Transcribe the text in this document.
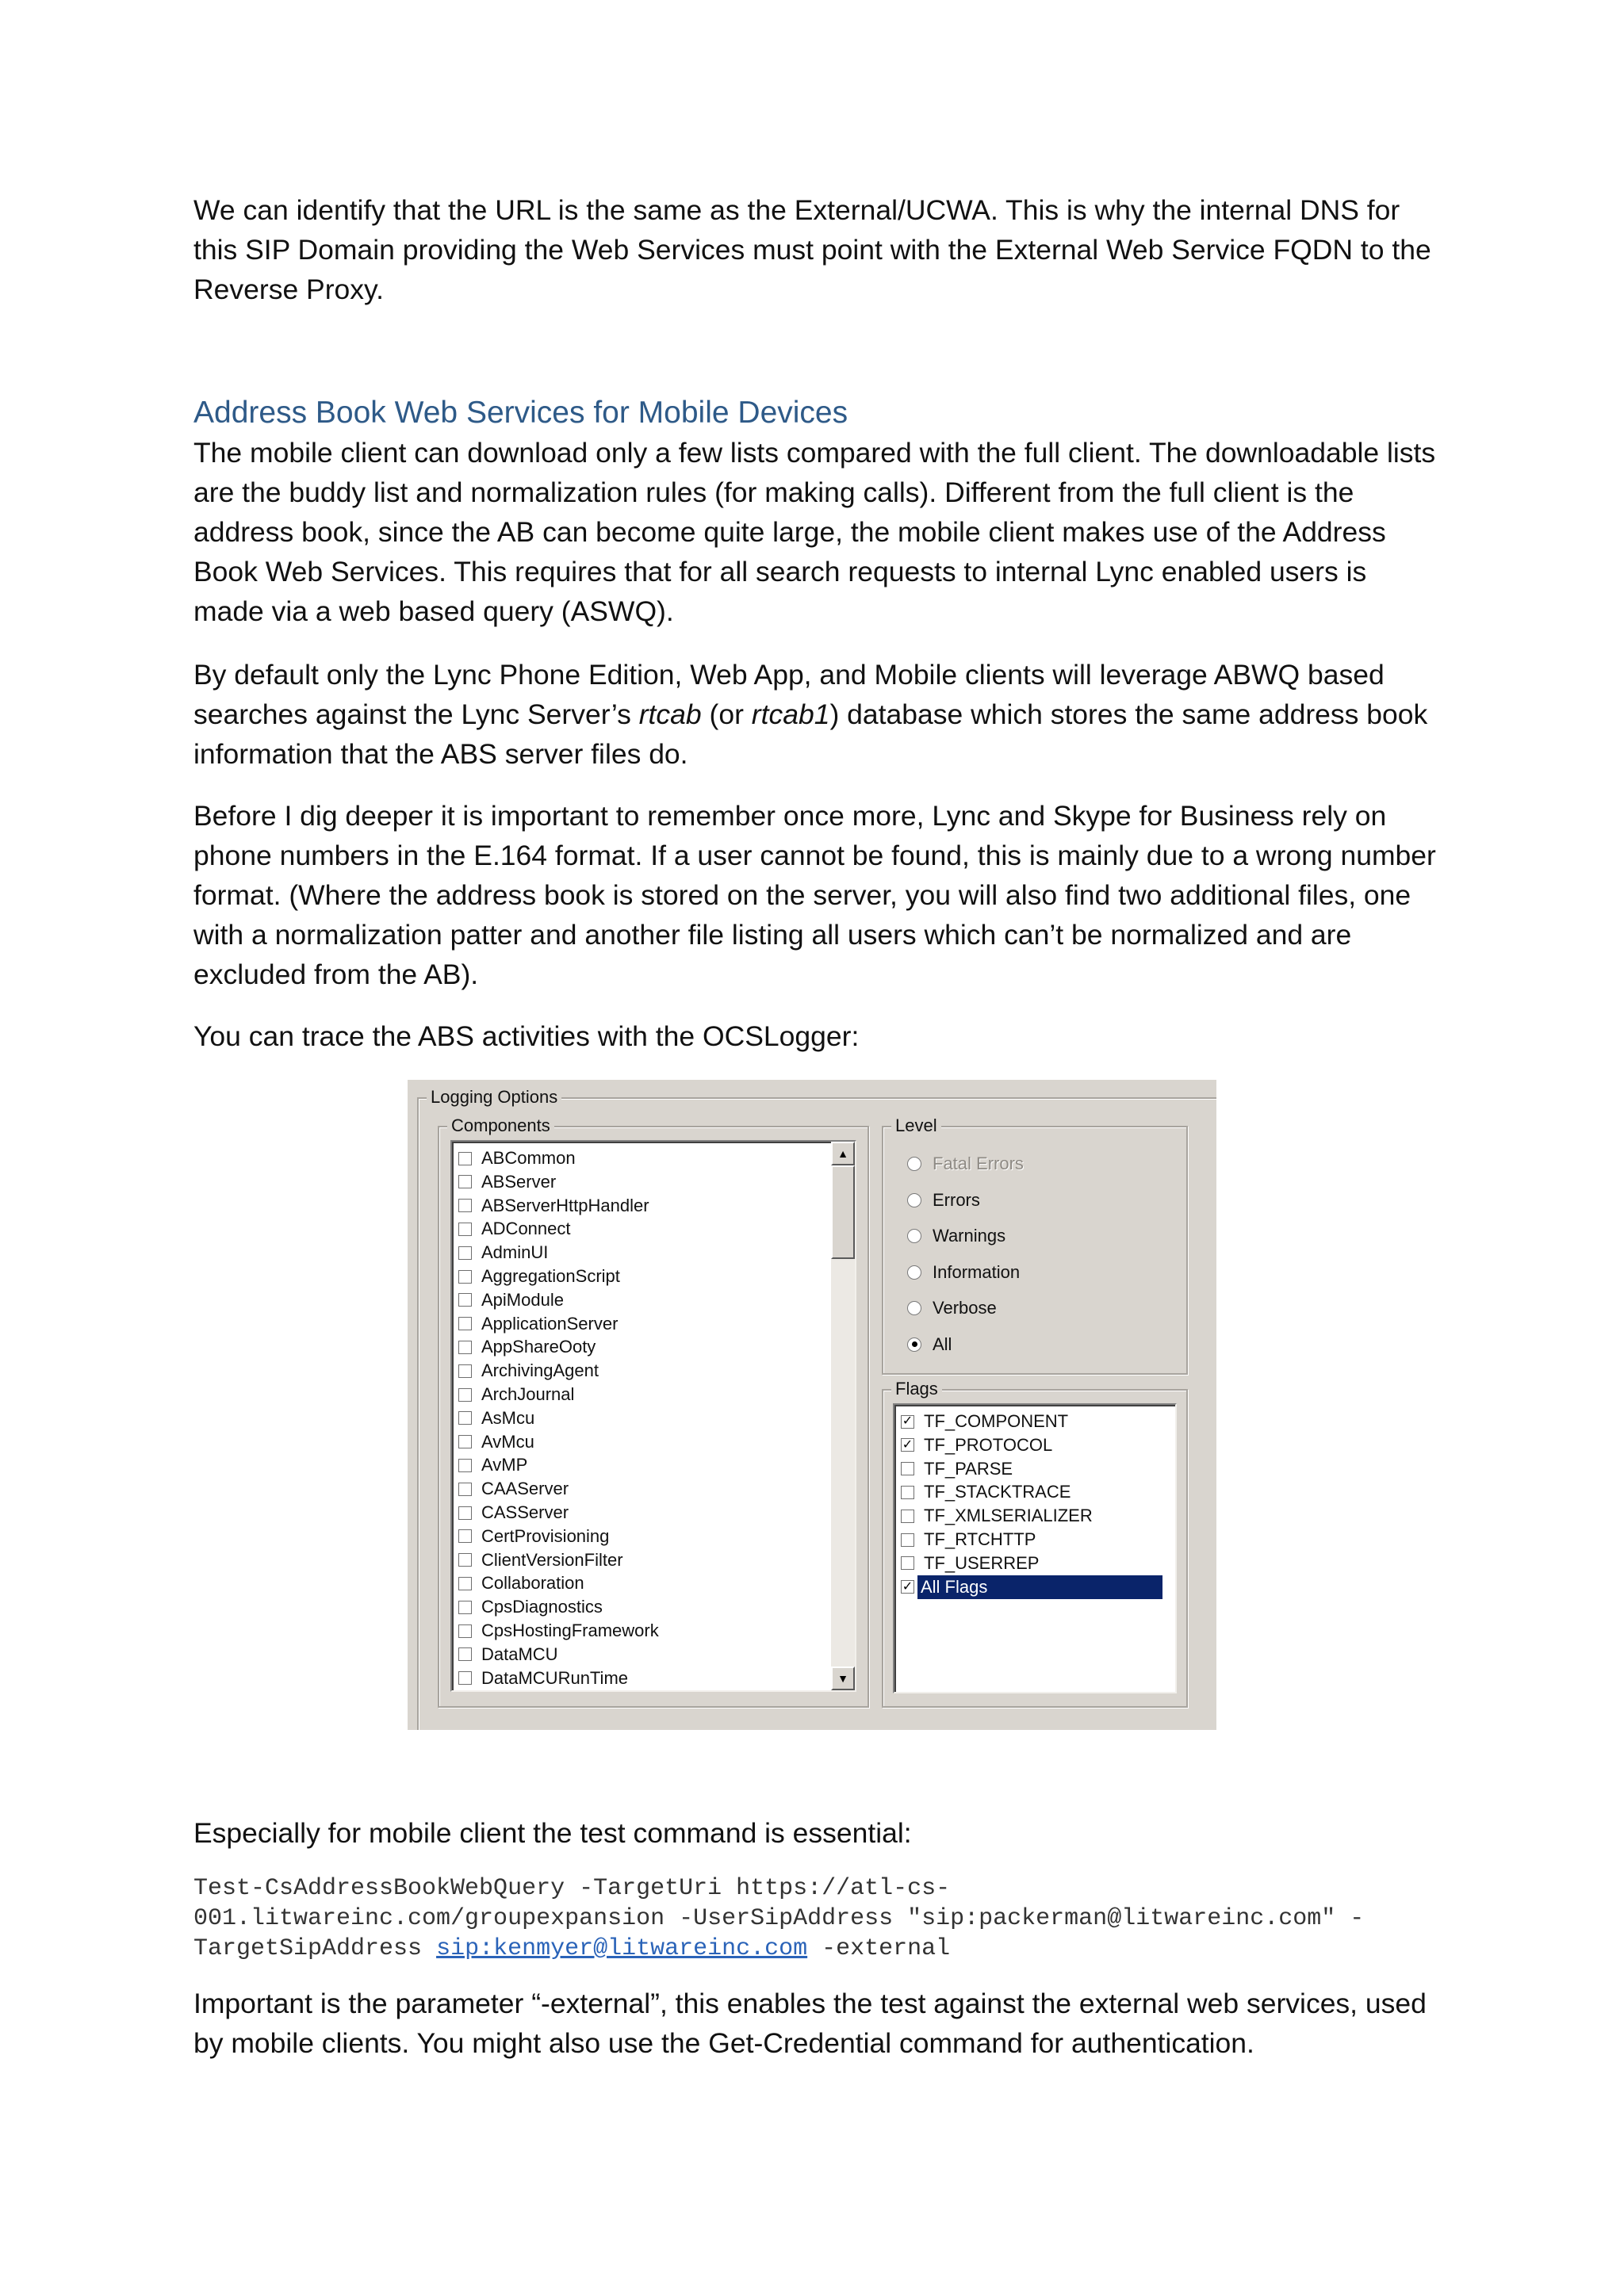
We can identify that the URL is the same as the External/UCWA. This is why the internal DNS for this SIP Domain providing the Web Services must point with the External Web Service FQDN to the Reverse Proxy.

Address Book Web Services for Mobile Devices

The mobile client can download only a few lists compared with the full client. The downloadable lists are the buddy list and normalization rules (for making calls). Different from the full client is the address book, since the AB can become quite large, the mobile client makes use of the Address Book Web Services. This requires that for all search requests to internal Lync enabled users is made via a web based query (ASWQ).

By default only the Lync Phone Edition, Web App, and Mobile clients will leverage ABWQ based searches against the Lync Server’s rtcab (or rtcab1) database which stores the same address book information that the ABS server files do.

Before I dig deeper it is important to remember once more, Lync and Skype for Business rely on phone numbers in the E.164 format. If a user cannot be found, this is mainly due to a wrong number format. (Where the address book is stored on the server, you will also find two additional files, one with a normalization patter and another file listing all users which can’t be normalized and are excluded from the AB).

You can trace the ABS activities with the OCSLogger:

Logging Options
Components
ABCommon
ABServer
ABServerHttpHandler
ADConnect
AdminUI
AggregationScript
ApiModule
ApplicationServer
AppShareOoty
ArchivingAgent
ArchJournal
AsMcu
AvMcu
AvMP
CAAServer
CASServer
CertProvisioning
ClientVersionFilter
Collaboration
CpsDiagnostics
CpsHostingFramework
DataMCU
DataMCURunTime
▲
▼
Level
Fatal Errors
Errors
Warnings
Information
Verbose
All
Flags
✓ TF_COMPONENT
✓ TF_PROTOCOL
TF_PARSE
TF_STACKTRACE
TF_XMLSERIALIZER
TF_RTCHTTP
TF_USERREP
✓ All Flags

Especially for mobile client the test command is essential:

Test-CsAddressBookWebQuery -TargetUri https://atl-cs-
001.litwareinc.com/groupexpansion -UserSipAddress "sip:packerman@litwareinc.com" -
TargetSipAddress sip:kenmyer@litwareinc.com -external

Important is the parameter “-external”, this enables the test against the external web services, used by mobile clients. You might also use the Get-Credential command for authentication.
